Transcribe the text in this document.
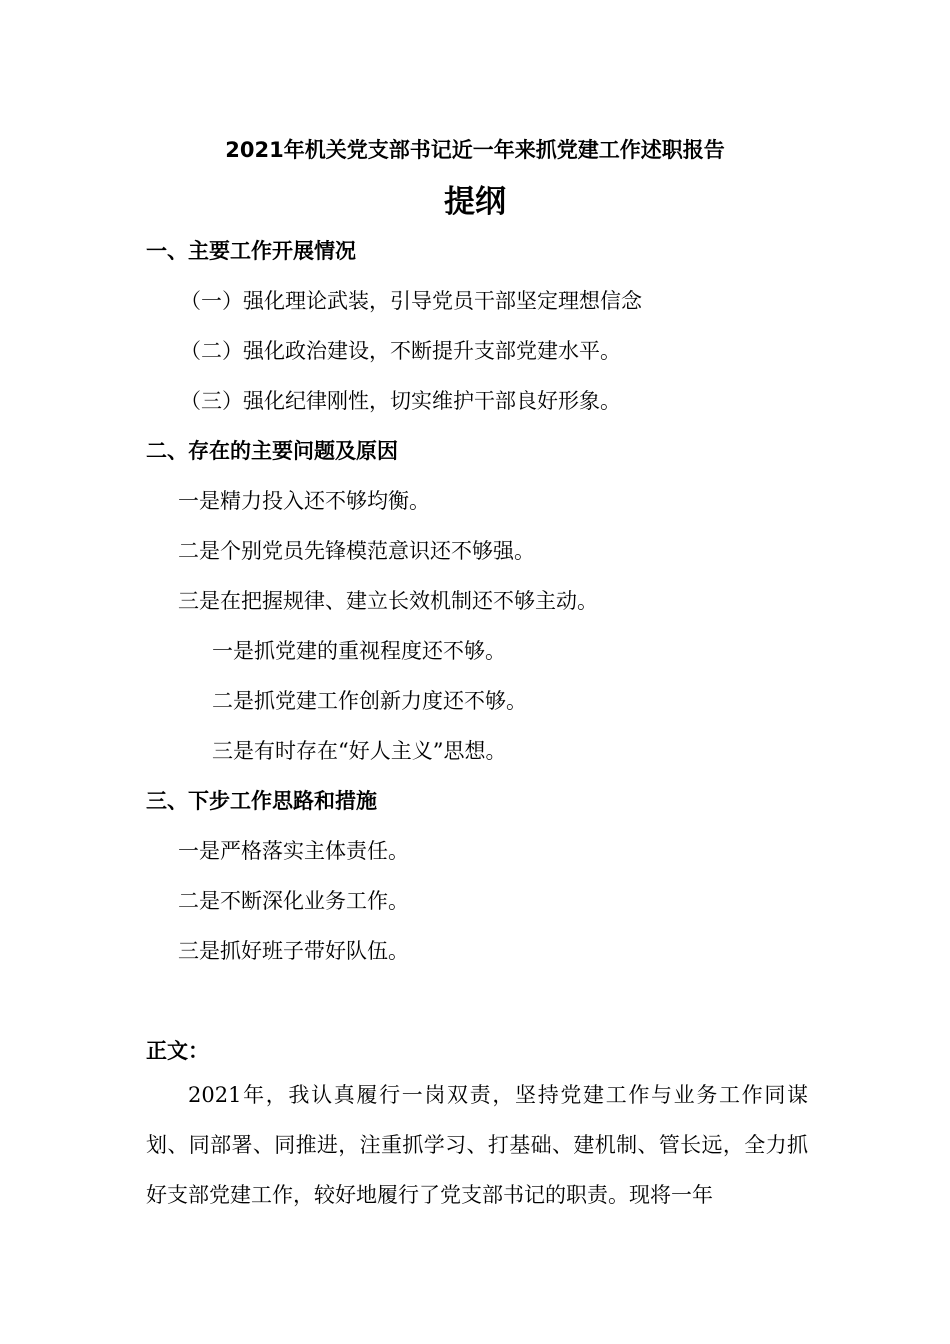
2021年机关党支部书记近一年来抓党建工作述职报告
提纲
一、主要工作开展情况
（一）强化理论武装，引导党员干部坚定理想信念
（二）强化政治建设，不断提升支部党建水平。
（三）强化纪律刚性，切实维护干部良好形象。
二、存在的主要问题及原因
一是精力投入还不够均衡。
二是个别党员先锋模范意识还不够强。
三是在把握规律、建立长效机制还不够主动。
一是抓党建的重视程度还不够。
二是抓党建工作创新力度还不够。
三是有时存在“好人主义”思想。
三、下步工作思路和措施
一是严格落实主体责任。
二是不断深化业务工作。
三是抓好班子带好队伍。
正文：
2021年，我认真履行一岗双责，坚持党建工作与业务工作同谋划、同部署、同推进，注重抓学习、打基础、建机制、管长远，全力抓好支部党建工作，较好地履行了党支部书记的职责。现将一年
